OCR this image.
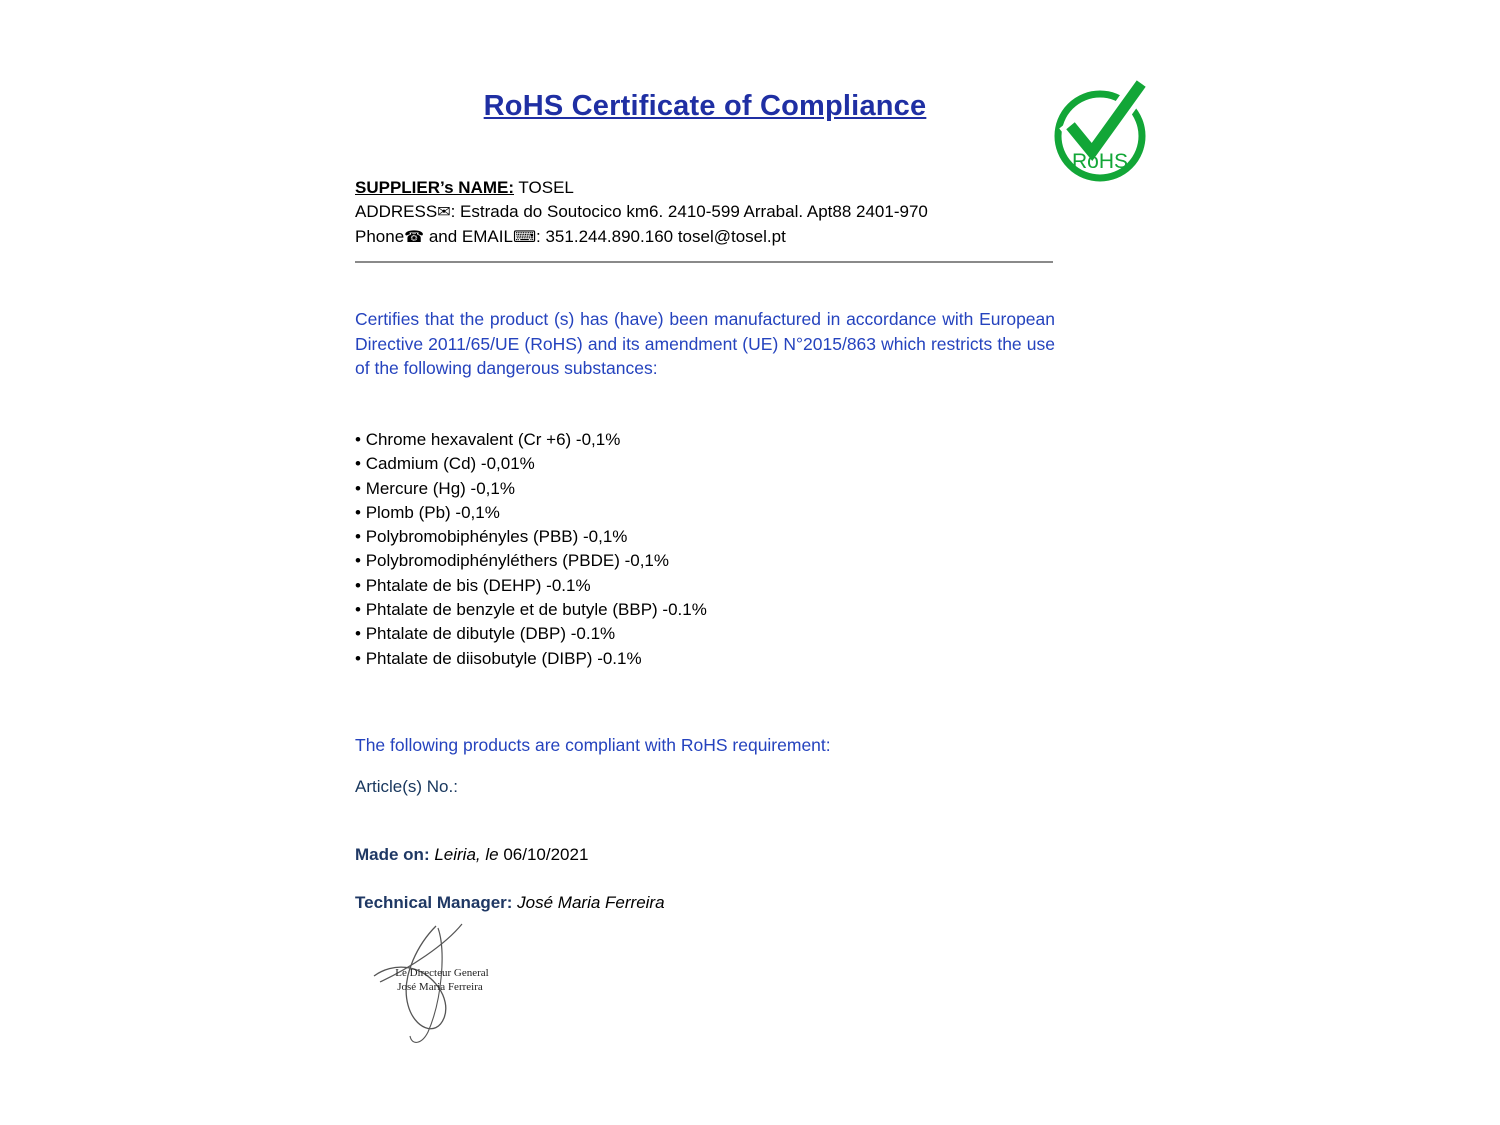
RoHS Certificate of Compliance
RoHS
SUPPLIER’s NAME: TOSEL
ADDRESS✉: Estrada do Soutocico km6. 2410-599 Arrabal. Apt88 2401-970
Phone☎ and EMAIL⌨: 351.244.890.160 tosel@tosel.pt
Certifies that the product (s) has (have) been manufactured in accordance with European Directive 2011/65/UE (RoHS) and its amendment (UE) N°2015/863 which restricts the use of the following dangerous substances:
• Chrome hexavalent (Cr +6) -0,1%
• Cadmium (Cd) -0,01%
• Mercure (Hg) -0,1%
• Plomb (Pb) -0,1%
• Polybromobiphényles (PBB) -0,1%
• Polybromodiphényléthers (PBDE) -0,1%
• Phtalate de bis (DEHP) -0.1%
• Phtalate de benzyle et de butyle (BBP) -0.1%
• Phtalate de dibutyle (DBP) -0.1%
• Phtalate de diisobutyle (DIBP) -0.1%
The following products are compliant with RoHS requirement:
Article(s) No.:
Made on: Leiria, le 06/10/2021
Technical Manager: José Maria Ferreira
Le Directeur General
José Maria Ferreira
